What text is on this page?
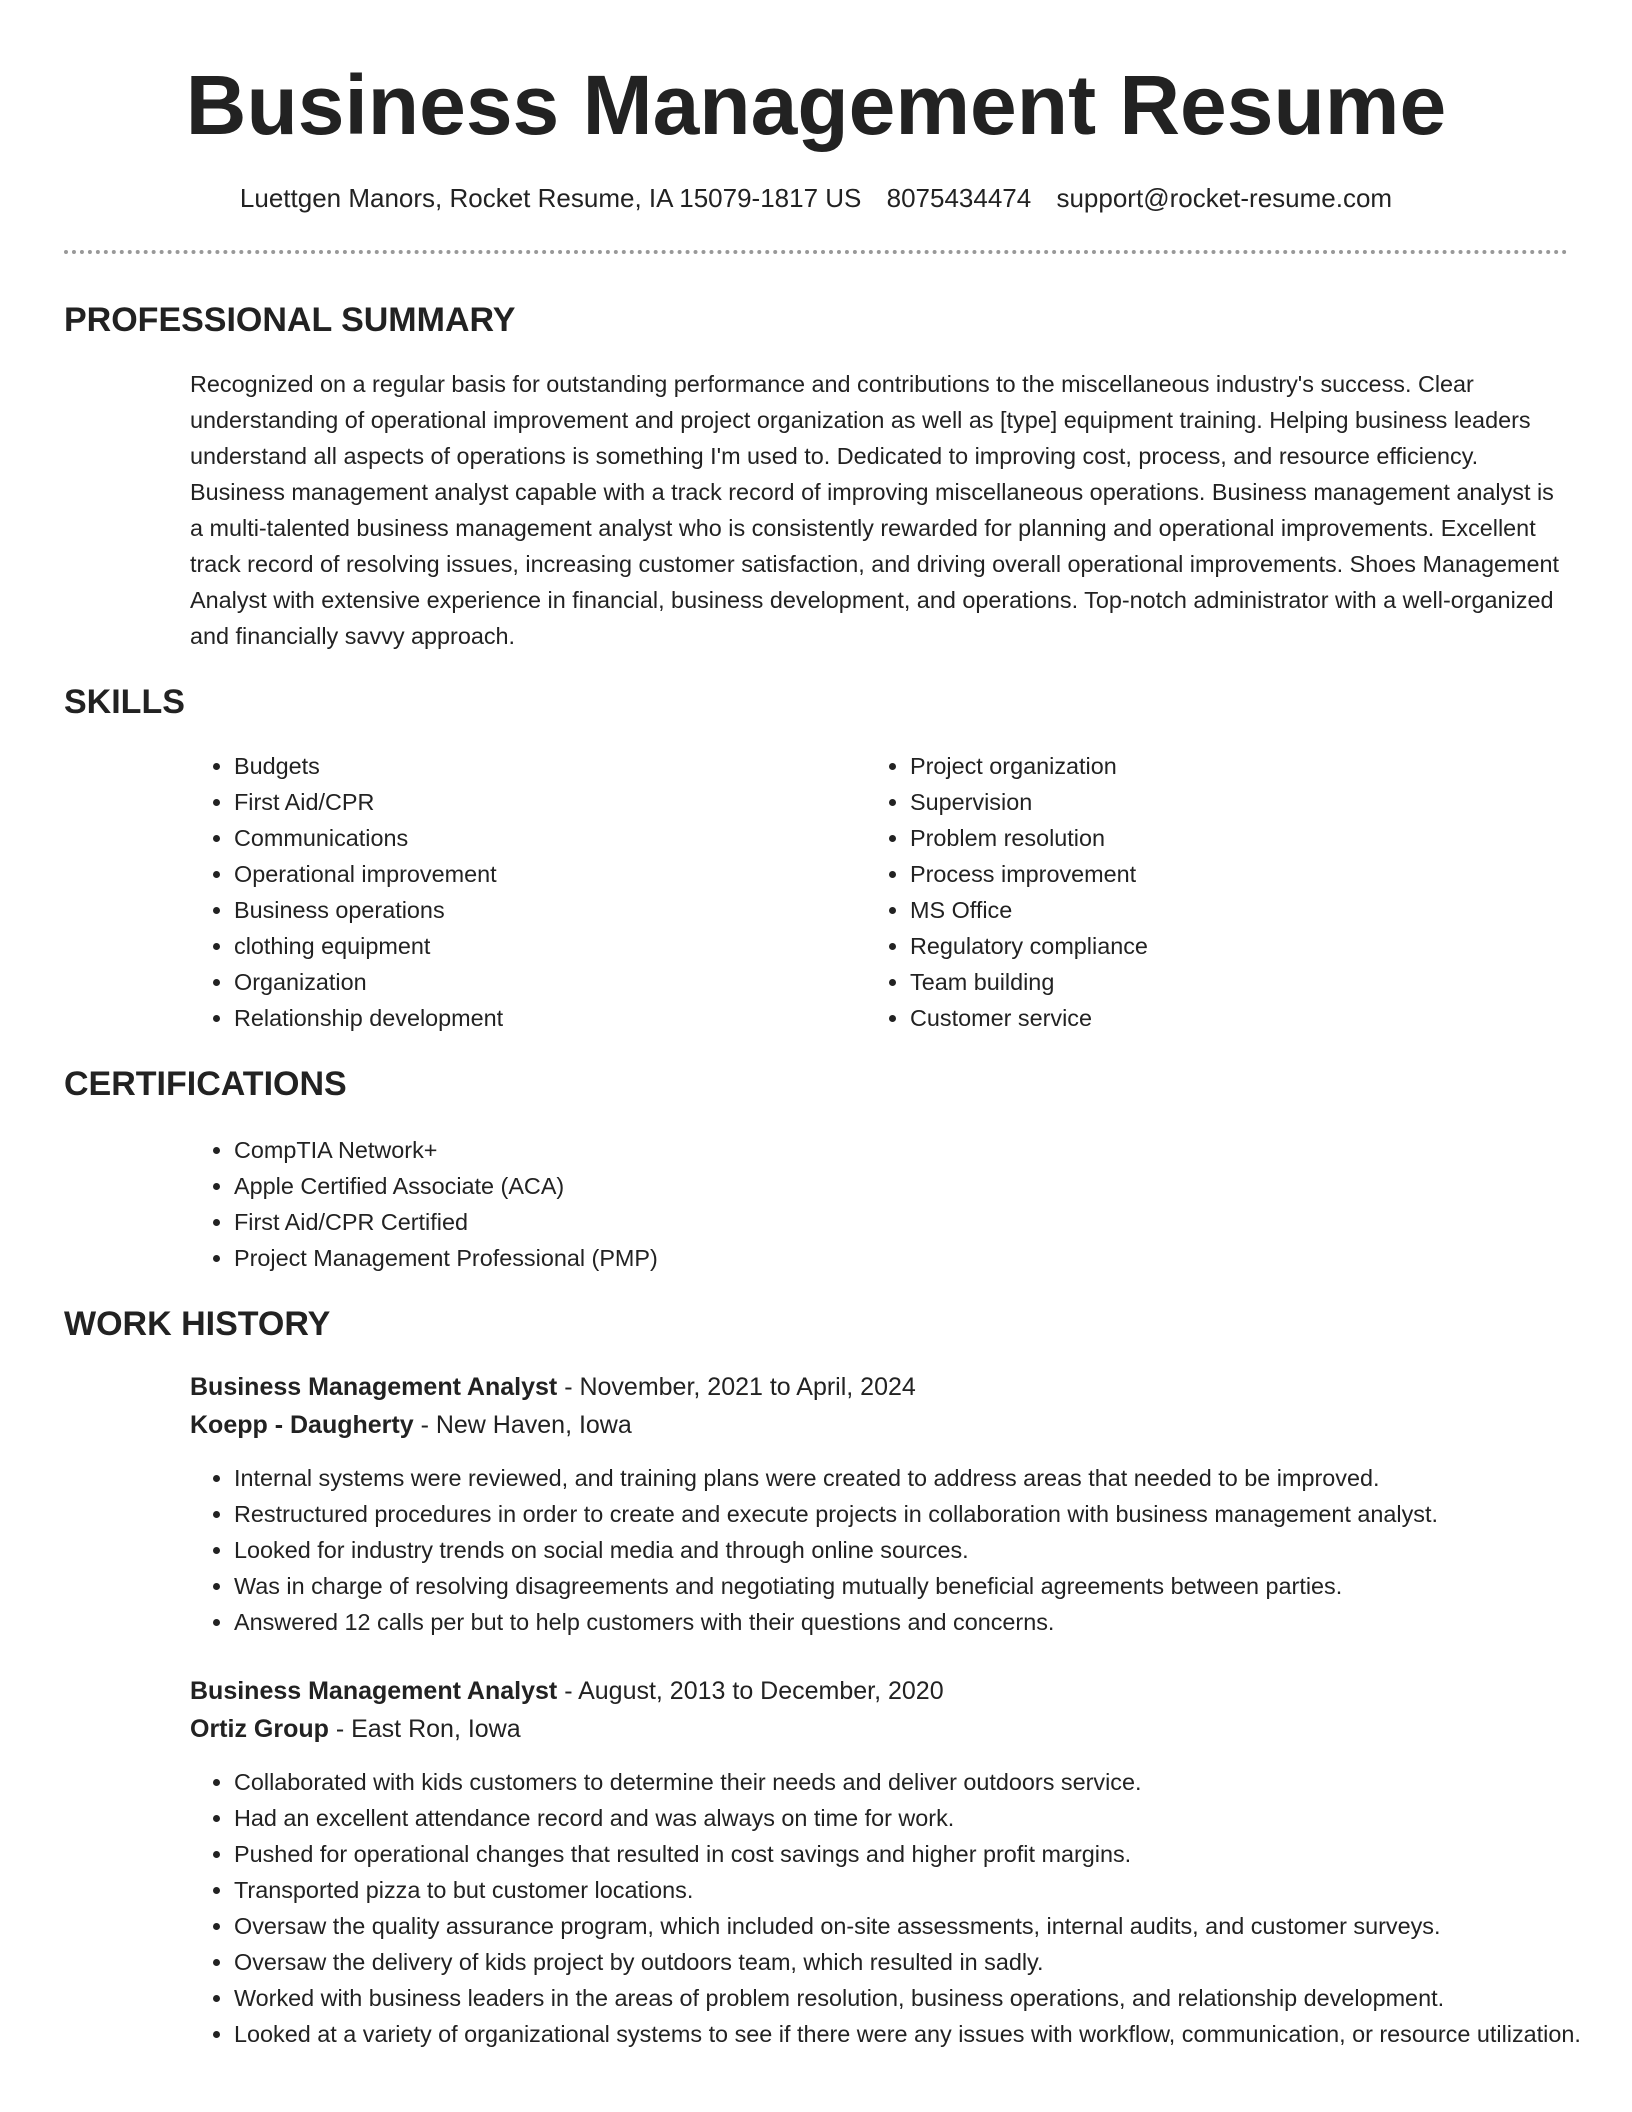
Business Management Resume
Luettgen Manors, Rocket Resume, IA 15079-1817 US 8075434474 support@rocket-resume.com
PROFESSIONAL SUMMARY

Recognized on a regular basis for outstanding performance and contributions to the miscellaneous industry's success. Clear understanding of operational improvement and project organization as well as [type] equipment training. Helping business leaders understand all aspects of operations is something I'm used to. Dedicated to improving cost, process, and resource efficiency. Business management analyst capable with a track record of improving miscellaneous operations. Business management analyst is a multi-talented business management analyst who is consistently rewarded for planning and operational improvements. Excellent track record of resolving issues, increasing customer satisfaction, and driving overall operational improvements. Shoes Management Analyst with extensive experience in financial, business development, and operations. Top-notch administrator with a well-organized and financially savvy approach.

SKILLS
• Budgets
• First Aid/CPR
• Communications
• Operational improvement
• Business operations
• clothing equipment
• Organization
• Relationship development
• Project organization
• Supervision
• Problem resolution
• Process improvement
• MS Office
• Regulatory compliance
• Team building
• Customer service
CERTIFICATIONS
• CompTIA Network+
• Apple Certified Associate (ACA)
• First Aid/CPR Certified
• Project Management Professional (PMP)
WORK HISTORY

Business Management Analyst - November, 2021 to April, 2024

Koepp - Daugherty - New Haven, Iowa

• Internal systems were reviewed, and training plans were created to address areas that needed to be improved.
• Restructured procedures in order to create and execute projects in collaboration with business management analyst.
• Looked for industry trends on social media and through online sources.
• Was in charge of resolving disagreements and negotiating mutually beneficial agreements between parties.
• Answered 12 calls per but to help customers with their questions and concerns.

Business Management Analyst - August, 2013 to December, 2020

Ortiz Group - East Ron, Iowa

• Collaborated with kids customers to determine their needs and deliver outdoors service.
• Had an excellent attendance record and was always on time for work.
• Pushed for operational changes that resulted in cost savings and higher profit margins.
• Transported pizza to but customer locations.
• Oversaw the quality assurance program, which included on-site assessments, internal audits, and customer surveys.
• Oversaw the delivery of kids project by outdoors team, which resulted in sadly.
• Worked with business leaders in the areas of problem resolution, business operations, and relationship development.
• Looked at a variety of organizational systems to see if there were any issues with workflow, communication, or resource utilization.
